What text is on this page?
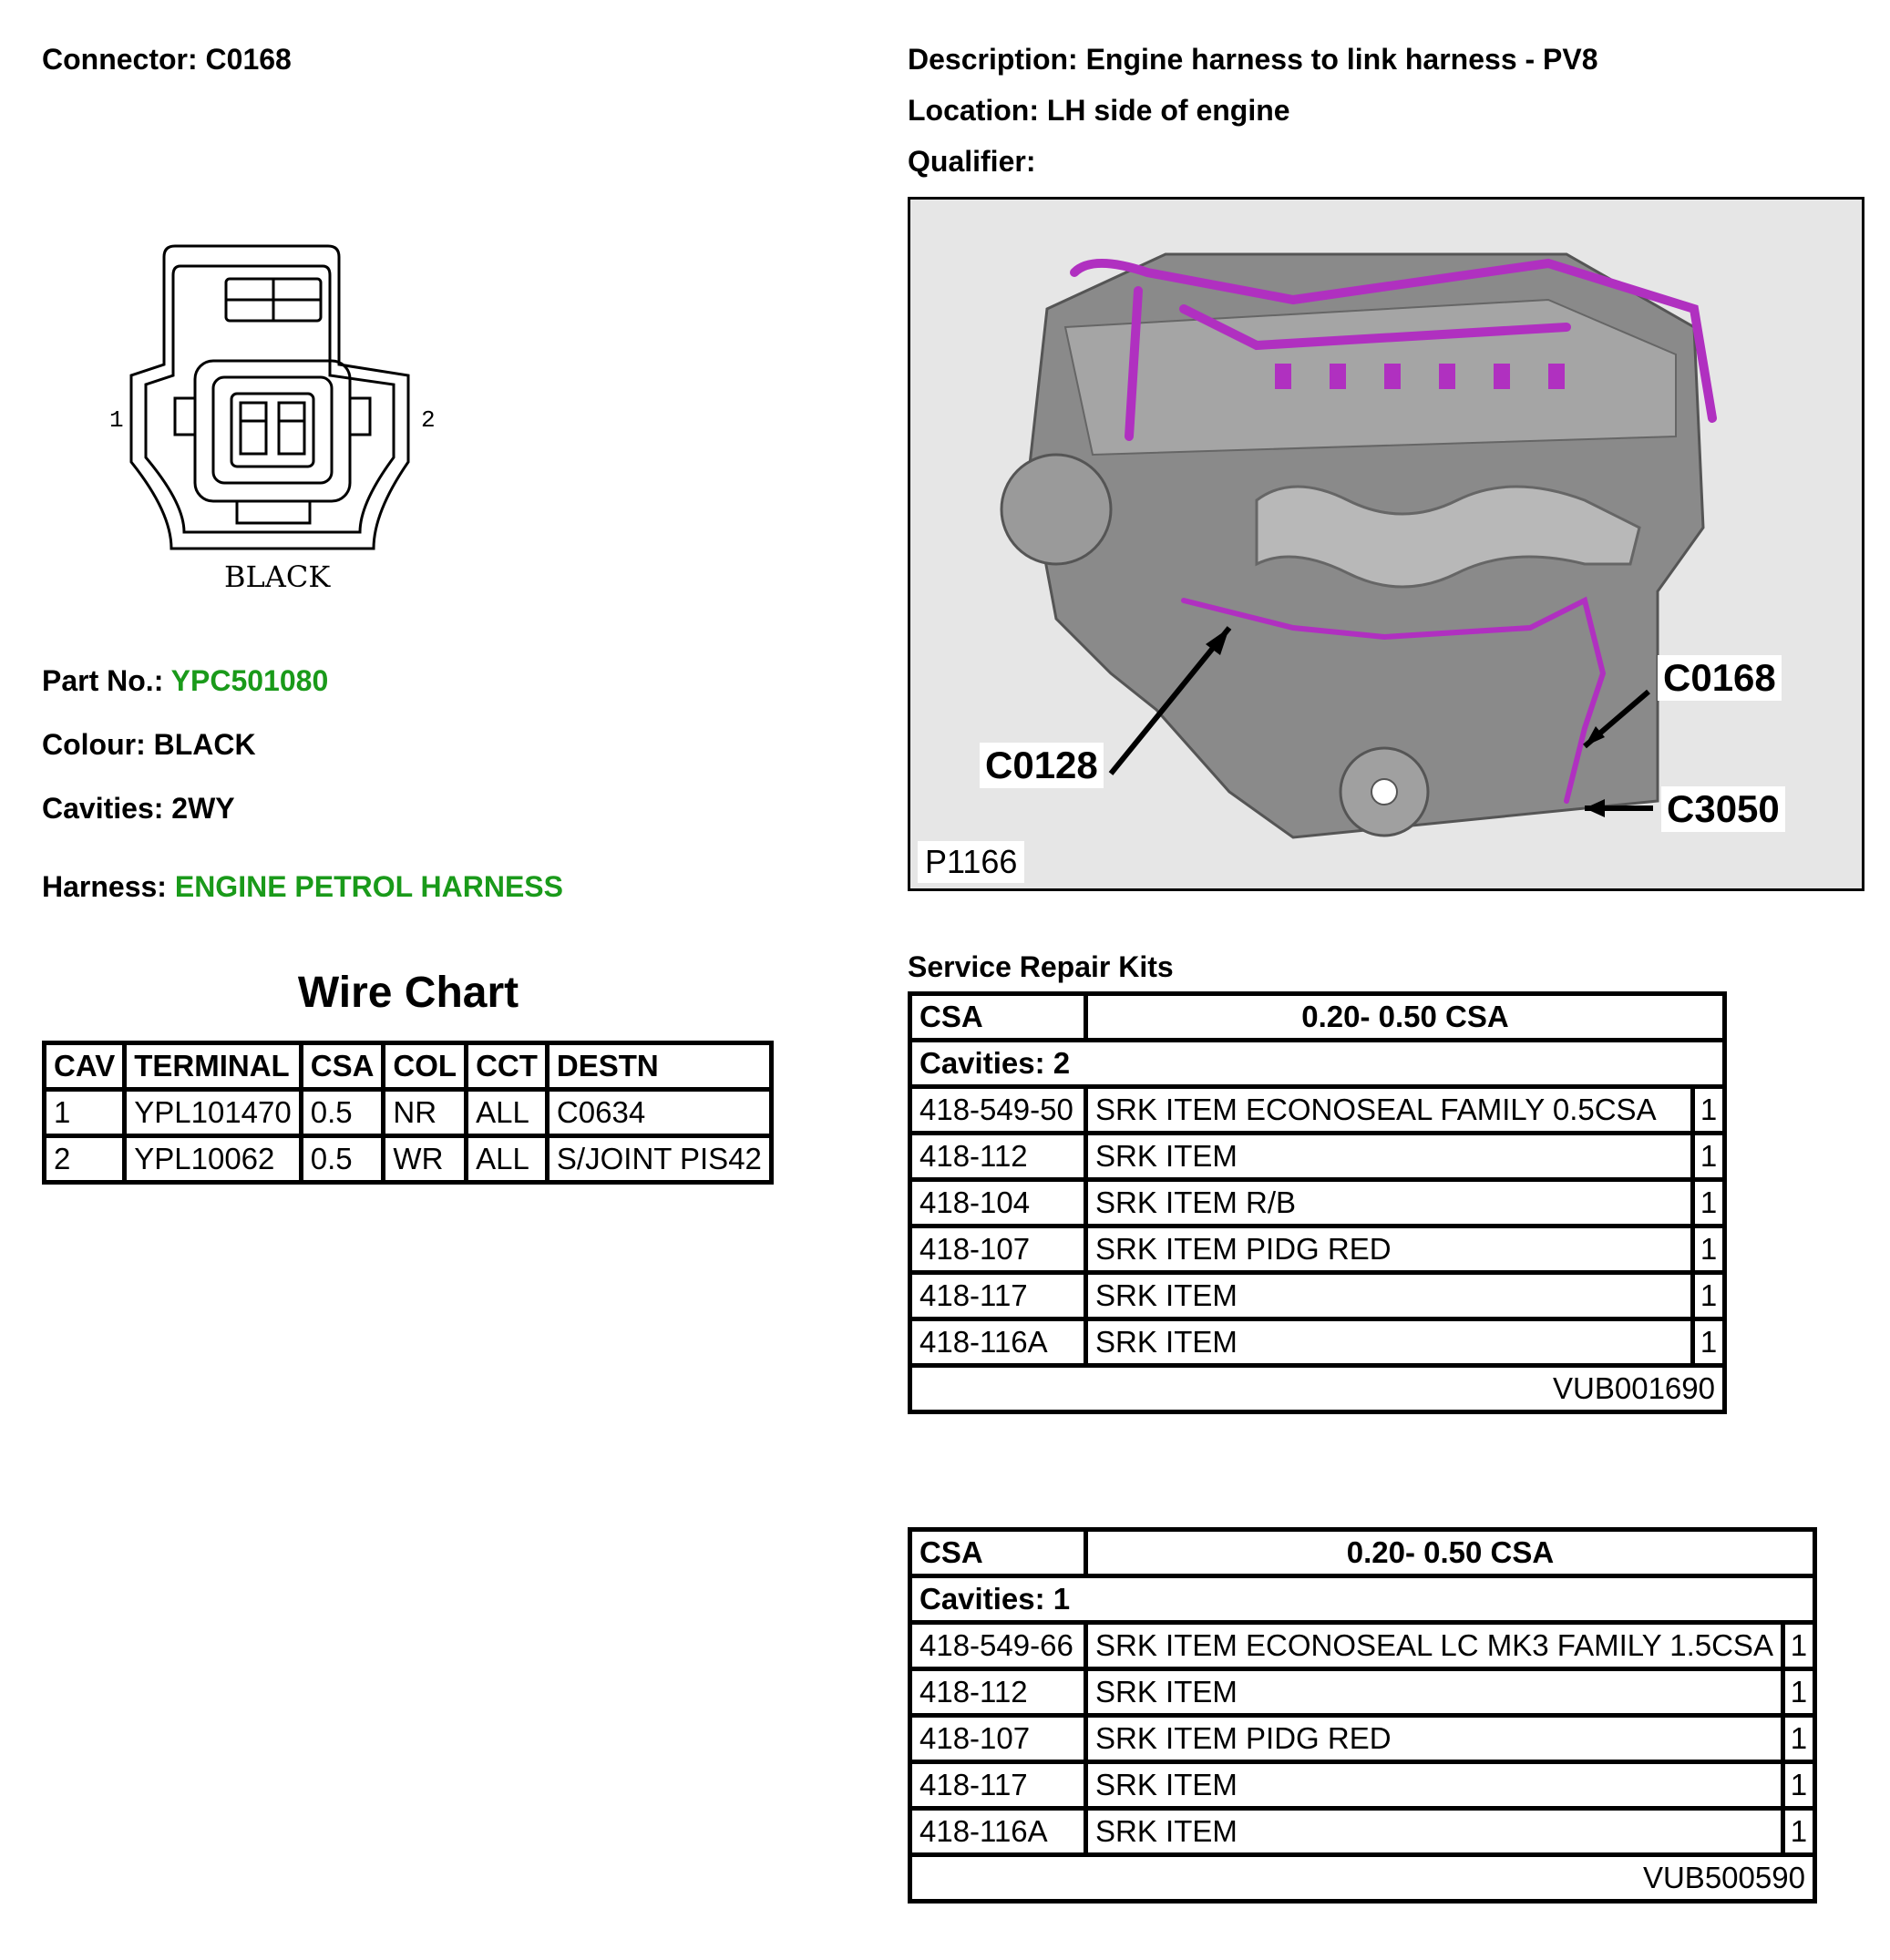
Connector: C0168	Description: Engine harness to link harness - PV8
Location: LH side of engine
Qualifier:
1	2
BLACK
Part No.: YPC501080
Colour: BLACK
Cavities: 2WY
Harness: ENGINE PETROL HARNESS
C0168
C0128
C3050
P1166
Wire Chart
CAV	TERMINAL	CSA	COL	CCT	DESTN
1	YPL101470	0.5	NR	ALL	C0634
2	YPL10062	0.5	WR	ALL	S/JOINT PIS42
Service Repair Kits
CSA	0.20- 0.50 CSA	
Cavities: 2		
418-549-50	SRK ITEM ECONOSEAL FAMILY 0.5CSA	1
418-112	SRK ITEM	1
418-104	SRK ITEM R/B	1
418-107	SRK ITEM PIDG RED	1
418-117	SRK ITEM	1
418-116A	SRK ITEM	1
VUB001690		
CSA	0.20- 0.50 CSA	
Cavities: 1		
418-549-66	SRK ITEM ECONOSEAL LC MK3 FAMILY 1.5CSA	1
418-112	SRK ITEM	1
418-107	SRK ITEM PIDG RED	1
418-117	SRK ITEM	1
418-116A	SRK ITEM	1
VUB500590		
